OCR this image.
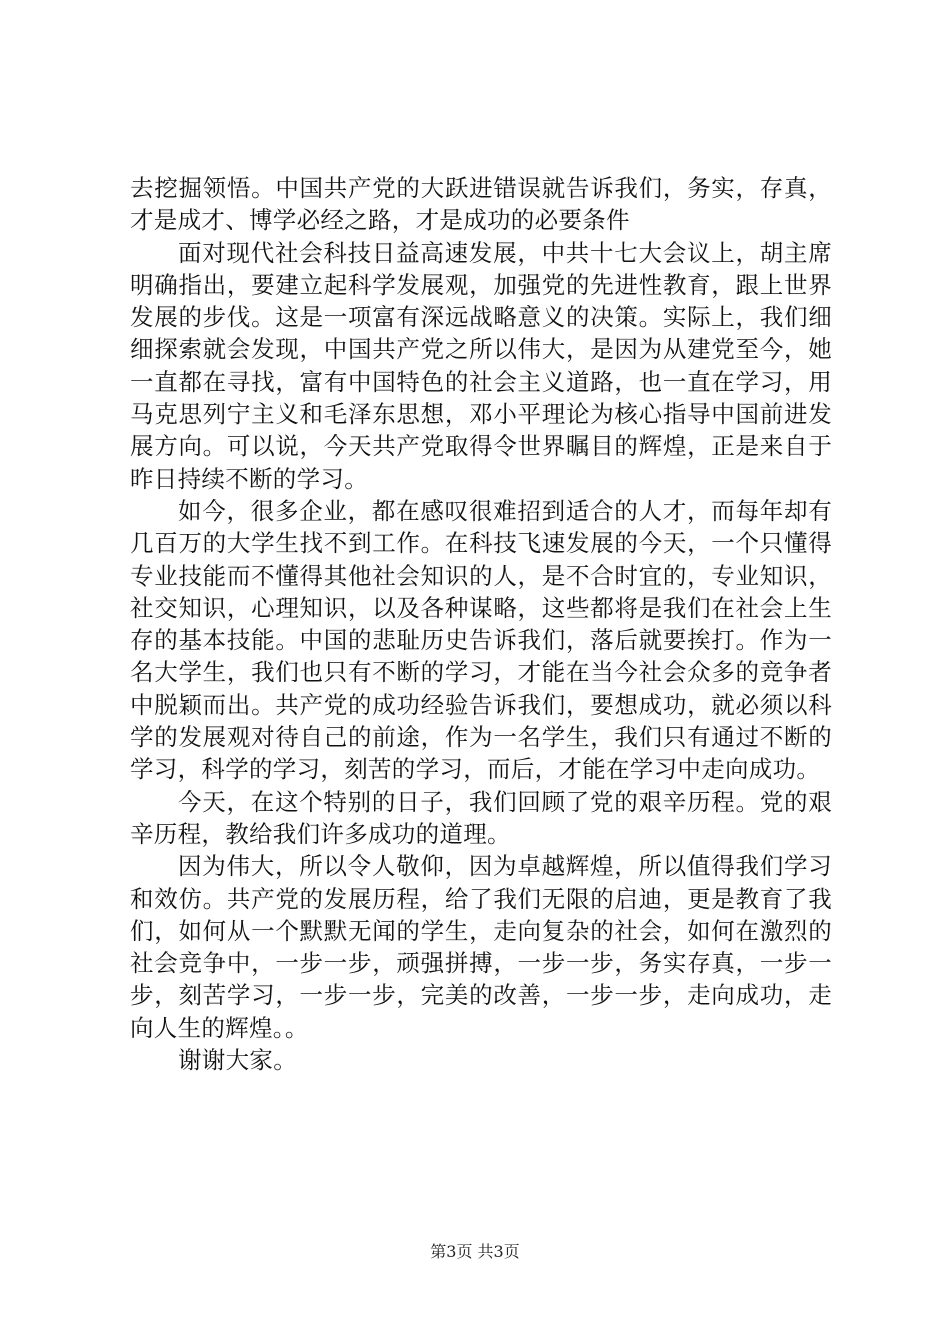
去挖掘领悟。中国共产党的大跃进错误就告诉我们，务实，存真，才是成才、博学必经之路，才是成功的必要条件

面对现代社会科技日益高速发展，中共十七大会议上，胡主席明确指出，要建立起科学发展观，加强党的先进性教育，跟上世界发展的步伐。这是一项富有深远战略意义的决策。实际上，我们细细探索就会发现，中国共产党之所以伟大，是因为从建党至今，她一直都在寻找，富有中国特色的社会主义道路，也一直在学习，用马克思列宁主义和毛泽东思想，邓小平理论为核心指导中国前进发展方向。可以说，今天共产党取得令世界瞩目的辉煌，正是来自于昨日持续不断的学习。

如今，很多企业，都在感叹很难招到适合的人才，而每年却有几百万的大学生找不到工作。在科技飞速发展的今天，一个只懂得专业技能而不懂得其他社会知识的人，是不合时宜的，专业知识，社交知识，心理知识，以及各种谋略，这些都将是我们在社会上生存的基本技能。中国的悲耻历史告诉我们，落后就要挨打。作为一名大学生，我们也只有不断的学习，才能在当今社会众多的竞争者中脱颖而出。共产党的成功经验告诉我们，要想成功，就必须以科学的发展观对待自己的前途，作为一名学生，我们只有通过不断的学习，科学的学习，刻苦的学习，而后，才能在学习中走向成功。

今天，在这个特别的日子，我们回顾了党的艰辛历程。党的艰辛历程，教给我们许多成功的道理。

因为伟大，所以令人敬仰，因为卓越辉煌，所以值得我们学习和效仿。共产党的发展历程，给了我们无限的启迪，更是教育了我们，如何从一个默默无闻的学生，走向复杂的社会，如何在激烈的社会竞争中，一步一步，顽强拼搏，一步一步，务实存真，一步一步，刻苦学习，一步一步，完美的改善，一步一步，走向成功，走向人生的辉煌。。

谢谢大家。

第3页 共3页
